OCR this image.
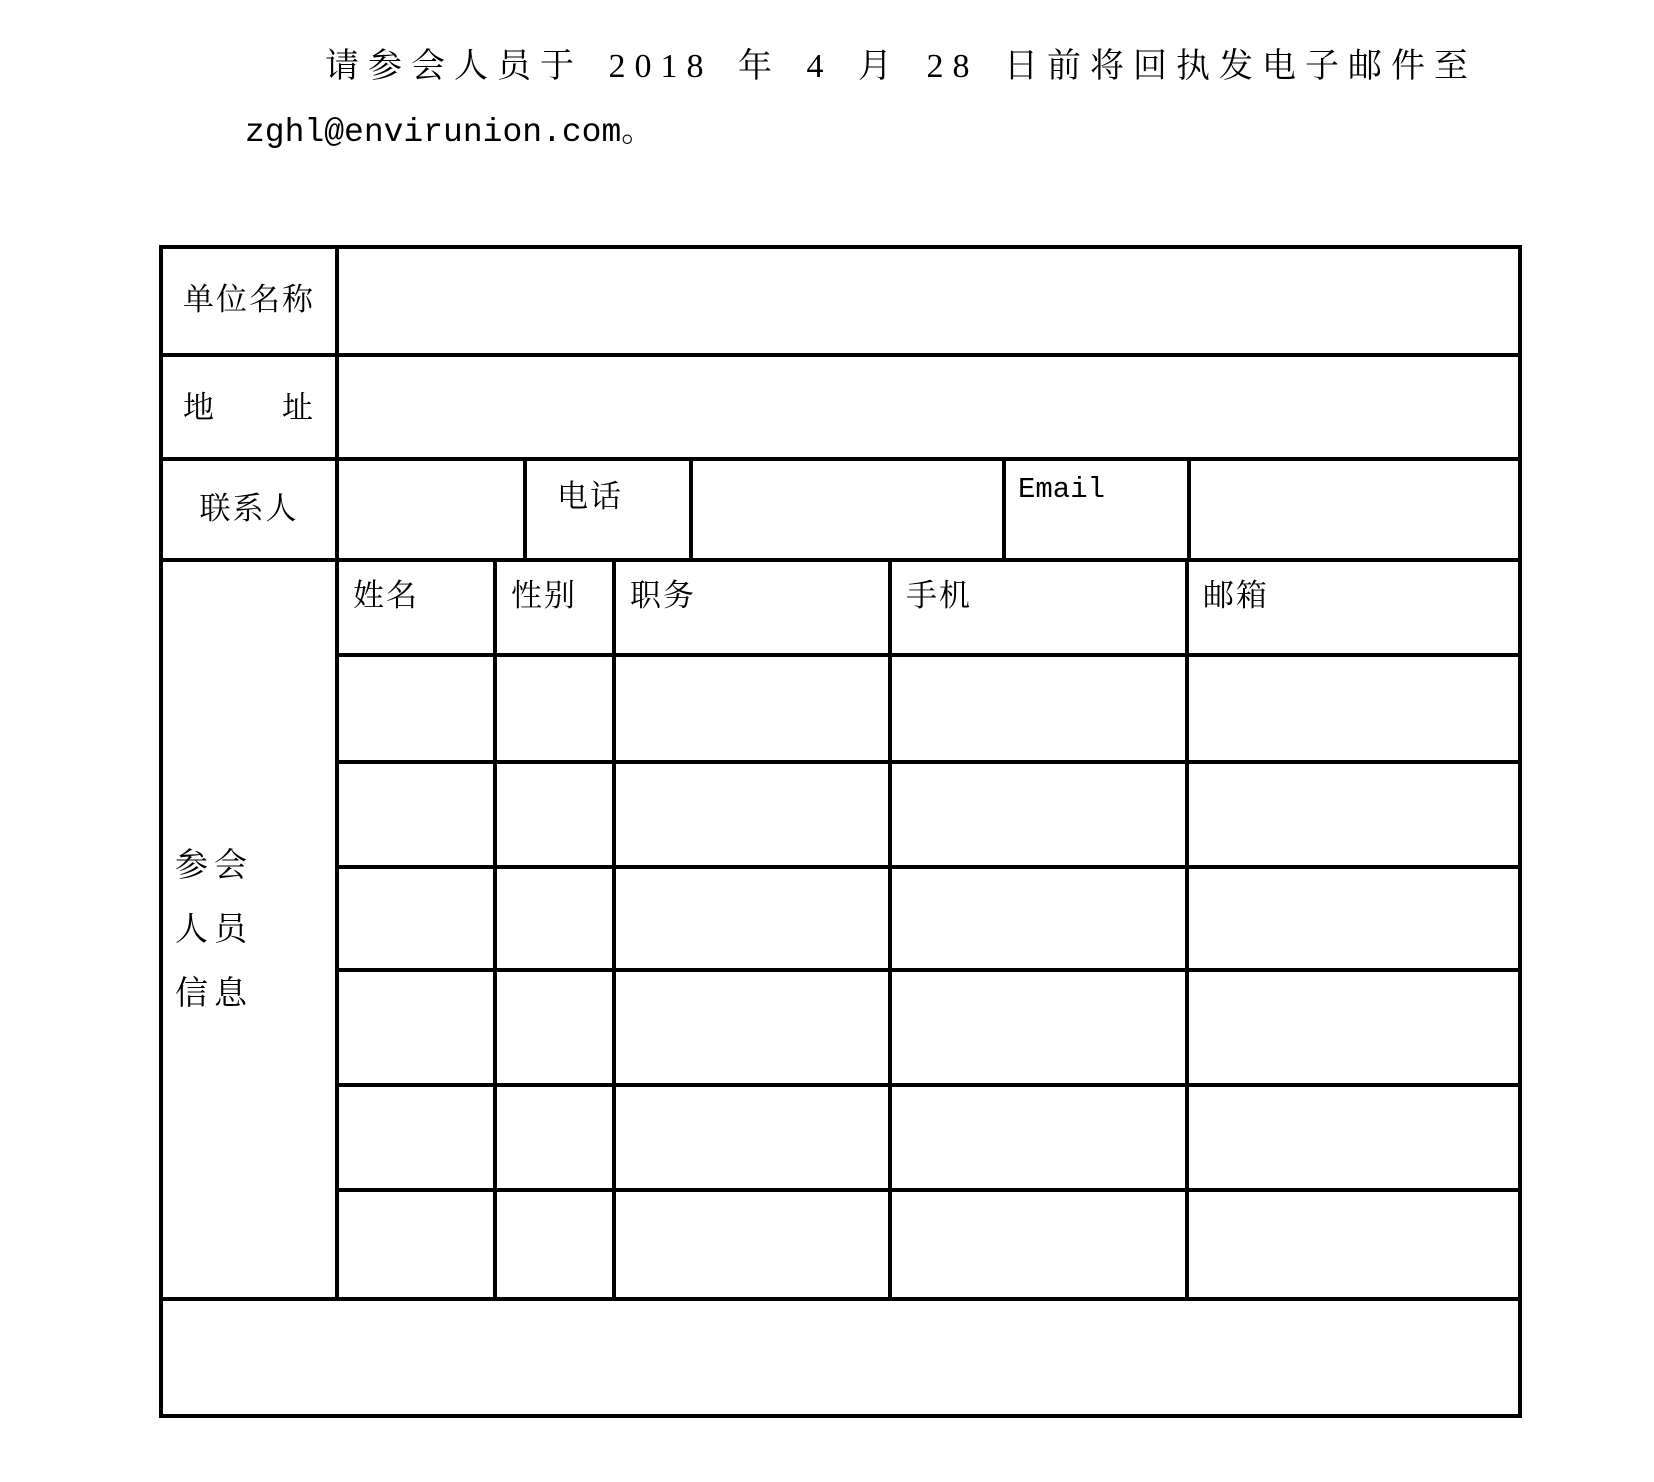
请参会人员于 2018 年 4 月 28 日前将回执发电子邮件至
zghl@envirunion.com。
单位名称
地　　址
联系人	电话	Email
参会
人员
信息
姓名	性别	职务	手机	邮箱
